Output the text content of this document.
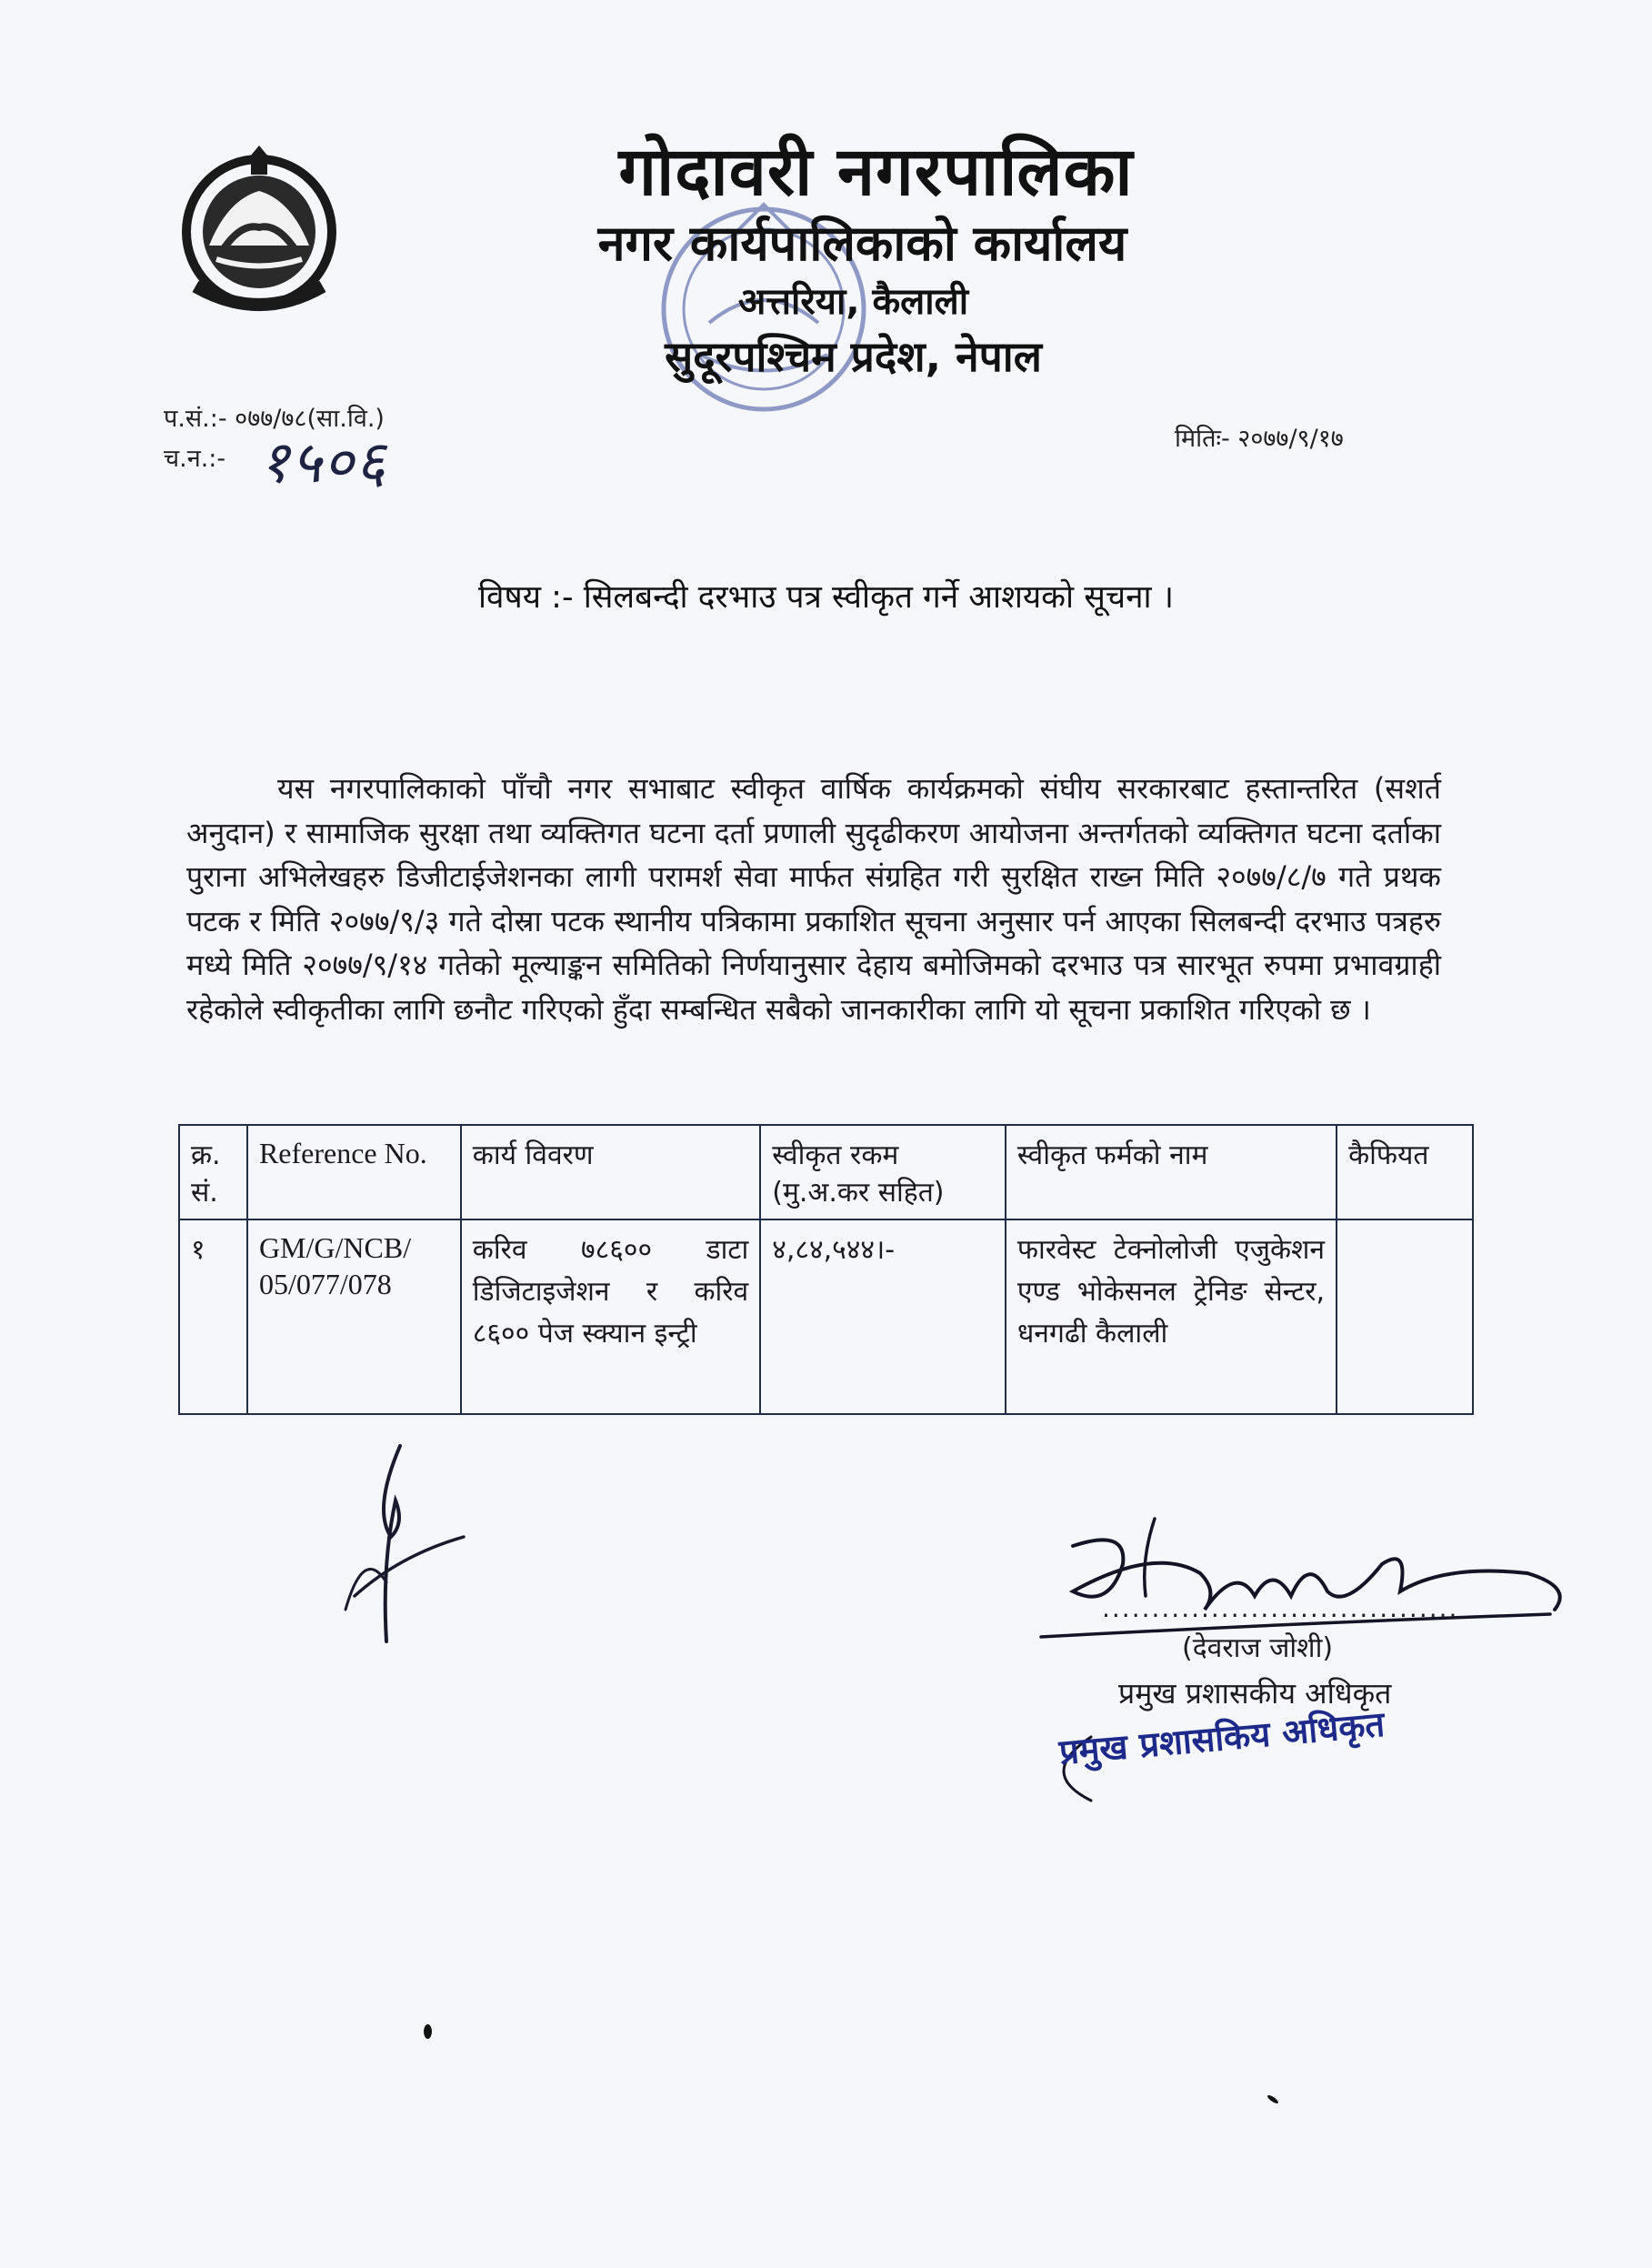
गोदावरी नगरपालिका
नगर कार्यपालिकाको कार्यालय
अत्तरिया, कैलाली
सुदूरपश्चिम प्रदेश, नेपाल
प.सं.:- ०७७/७८(सा.वि.)
च.न.:- १५०६	मितिः- २०७७/९/१७
विषय :- सिलबन्दी दरभाउ पत्र स्वीकृत गर्ने आशयको सूचना ।
यस नगरपालिकाको पाँचौ नगर सभाबाट स्वीकृत वार्षिक कार्यक्रमको संघीय सरकारबाट हस्तान्तरित (सशर्त अनुदान) र सामाजिक सुरक्षा तथा व्यक्तिगत घटना दर्ता प्रणाली सुदृढीकरण आयोजना अन्तर्गतको व्यक्तिगत घटना दर्ताका पुराना अभिलेखहरु डिजीटाईजेशनका लागी परामर्श सेवा मार्फत संग्रहित गरी सुरक्षित राख्न मिति २०७७/८/७ गते प्रथक पटक र मिति २०७७/९/३ गते दोस्रा पटक स्थानीय पत्रिकामा प्रकाशित सूचना अनुसार पर्न आएका सिलबन्दी दरभाउ पत्रहरु मध्ये मिति २०७७/९/१४ गतेको मूल्याङ्कन समितिको निर्णयानुसार देहाय बमोजिमको दरभाउ पत्र सारभूत रुपमा प्रभावग्राही रहेकोले स्वीकृतीका लागि छनौट गरिएको हुँदा सम्बन्धित सबैको जानकारीका लागि यो सूचना प्रकाशित गरिएको छ ।
क्र. सं.	Reference No.	कार्य विवरण	स्वीकृत रकम (मु.अ.कर सहित)	स्वीकृत फर्मको नाम	कैफियत
१	GM/G/NCB/ 05/077/078	करिव ७८६०० डाटा डिजिटाइजेशन र करिव ८६०० पेज स्क्यान इन्ट्री	४,८४,५४४।-	फारवेस्ट टेक्नोलोजी एजुकेशन एण्ड भोकेसनल ट्रेनिङ सेन्टर, धनगढी कैलाली	
....................................
(देवराज जोशी)
प्रमुख प्रशासकीय अधिकृत
प्रमुख प्रशासकिय अधिकृत
